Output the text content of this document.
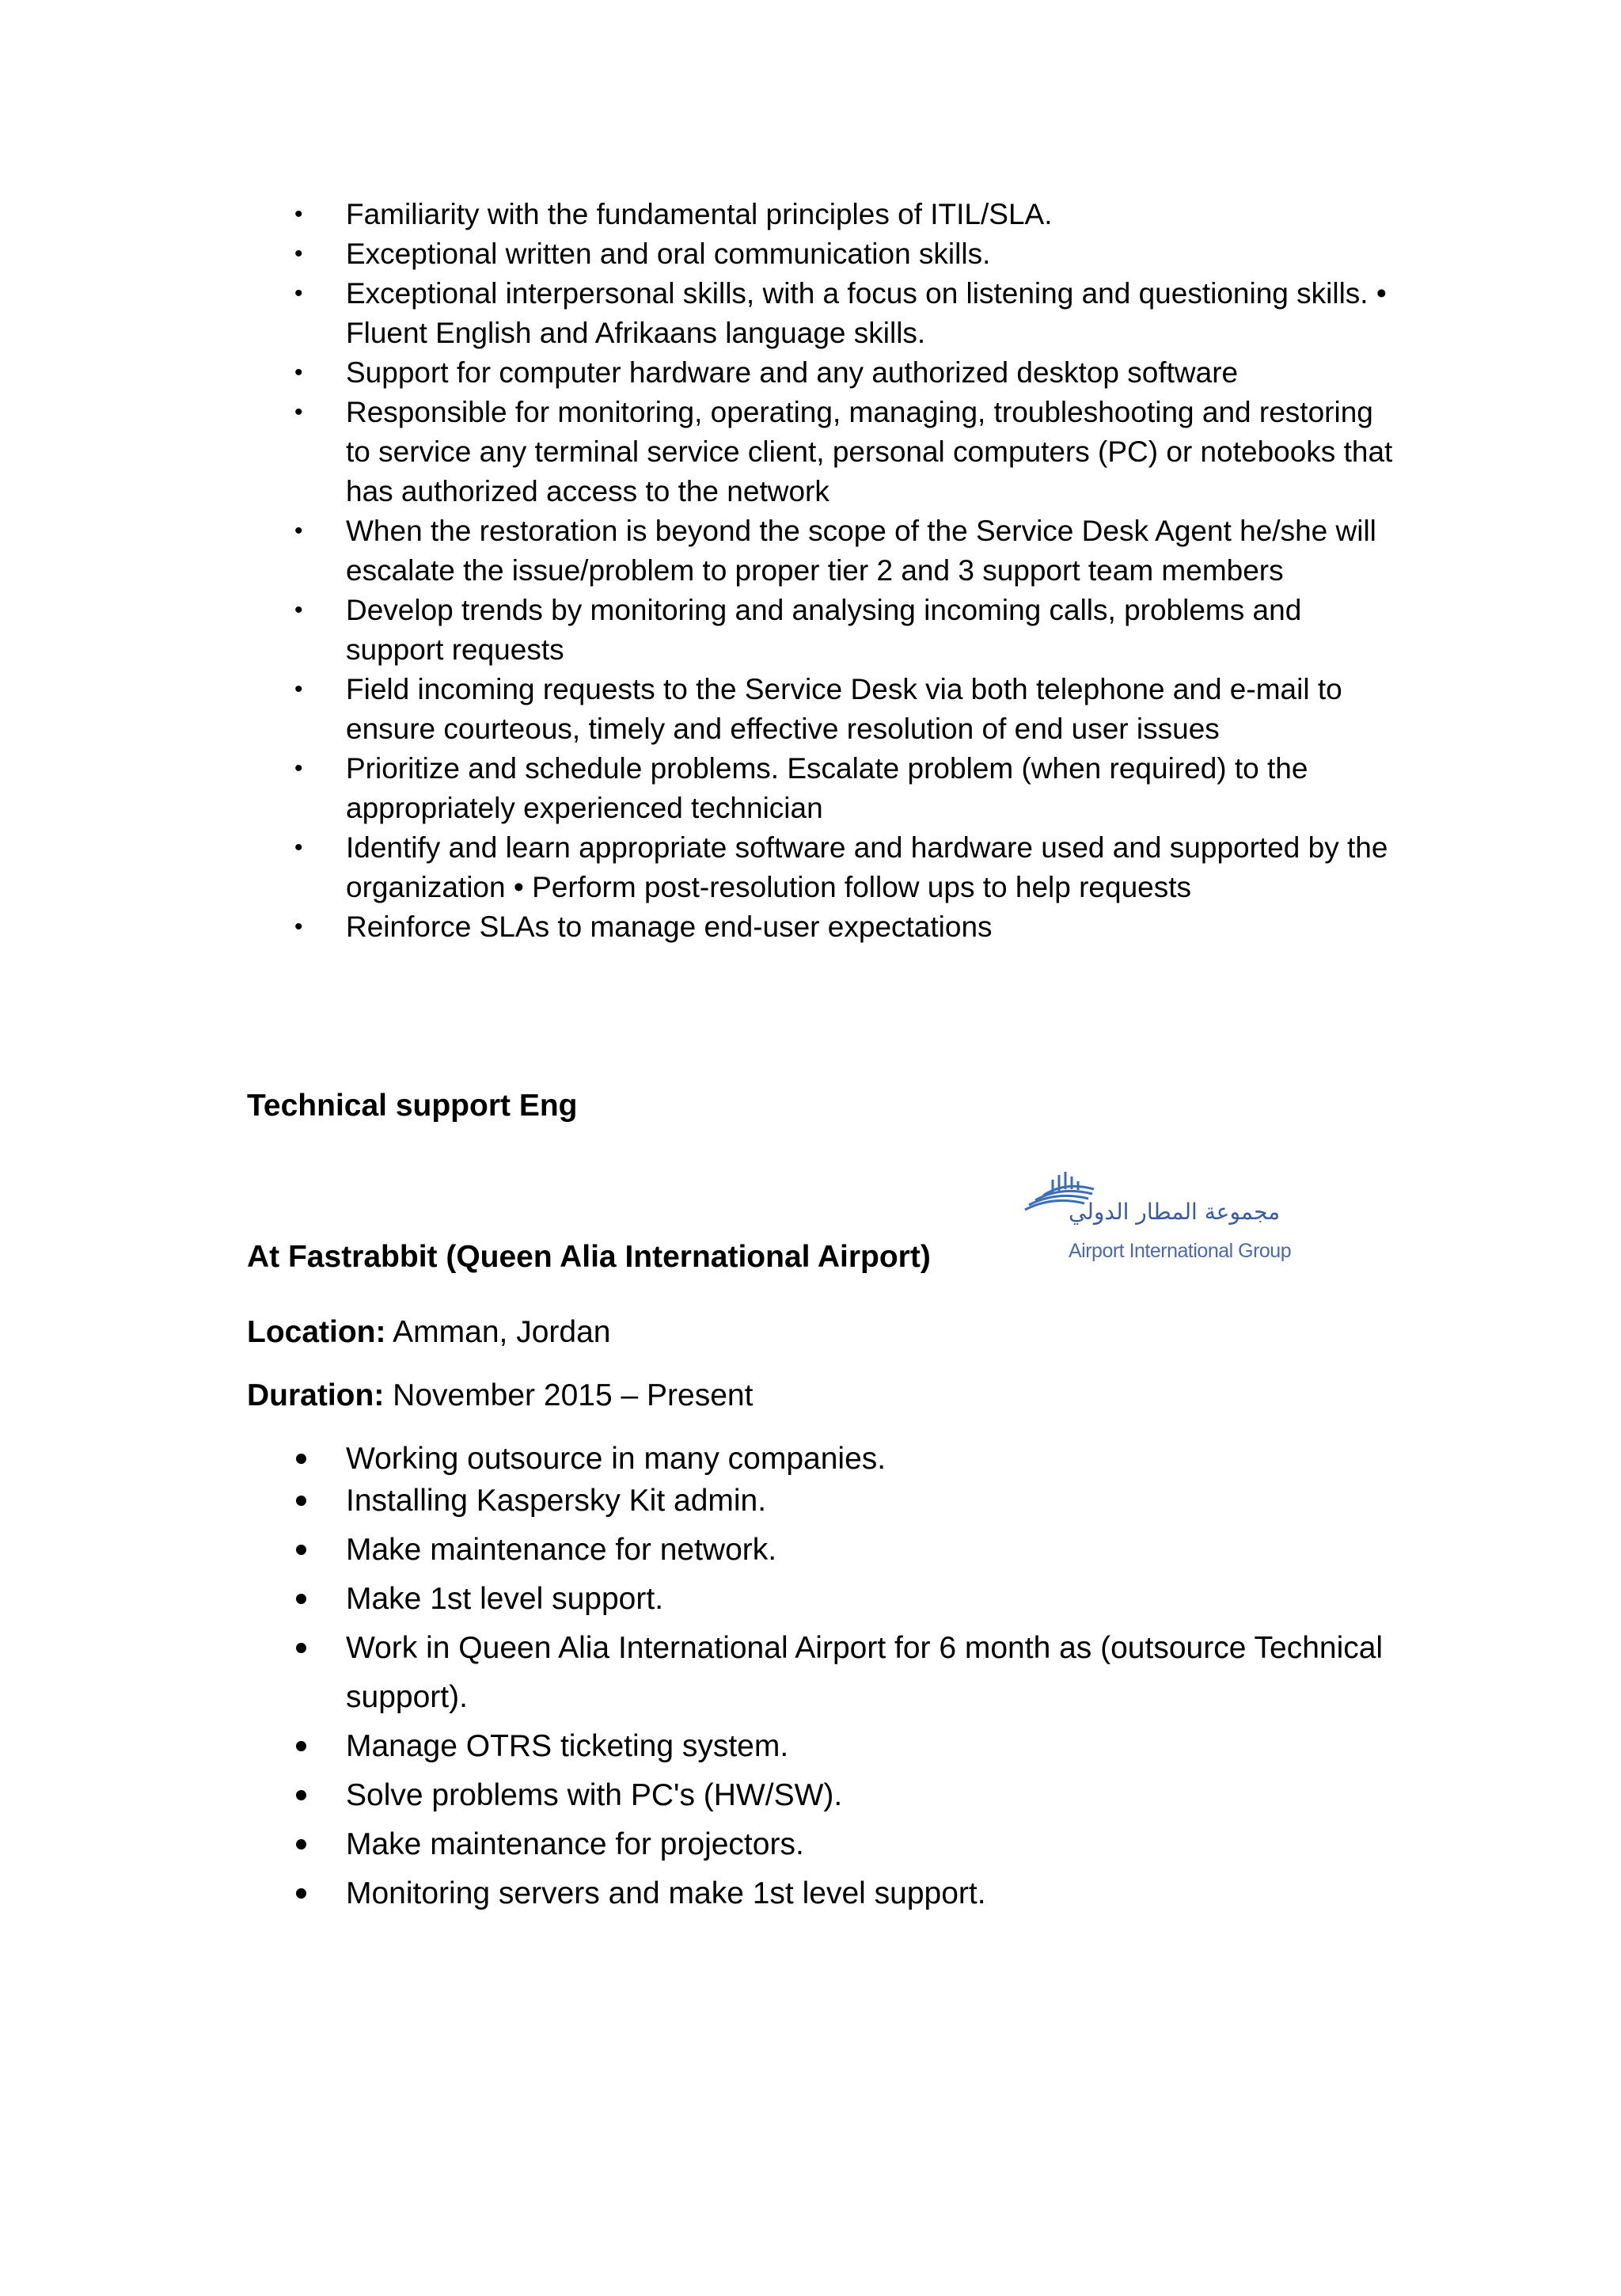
• Familiarity with the fundamental principles of ITIL/SLA.
• Exceptional written and oral communication skills.
• Exceptional interpersonal skills, with a focus on listening and questioning skills. • Fluent English and Afrikaans language skills.
• Support for computer hardware and any authorized desktop software
• Responsible for monitoring, operating, managing, troubleshooting and restoring to service any terminal service client, personal computers (PC) or notebooks that has authorized access to the network
• When the restoration is beyond the scope of the Service Desk Agent he/she will escalate the issue/problem to proper tier 2 and 3 support team members
• Develop trends by monitoring and analysing incoming calls, problems and support requests
• Field incoming requests to the Service Desk via both telephone and e-mail to ensure courteous, timely and effective resolution of end user issues
• Prioritize and schedule problems. Escalate problem (when required) to the appropriately experienced technician
• Identify and learn appropriate software and hardware used and supported by the organization • Perform post-resolution follow ups to help requests
• Reinforce SLAs to manage end-user expectations
Technical support Eng
At Fastrabbit (Queen Alia International Airport)
مجموعة المطار الدولي
Airport International Group
Location: Amman, Jordan
Duration: November 2015 – Present
Working outsource in many companies.
Installing Kaspersky Kit admin.
Make maintenance for network.
Make 1st level support.
Work in Queen Alia International Airport for 6 month as (outsource Technical support).
Manage OTRS ticketing system.
Solve problems with PC's (HW/SW).
Make maintenance for projectors.
Monitoring servers and make 1st level support.
